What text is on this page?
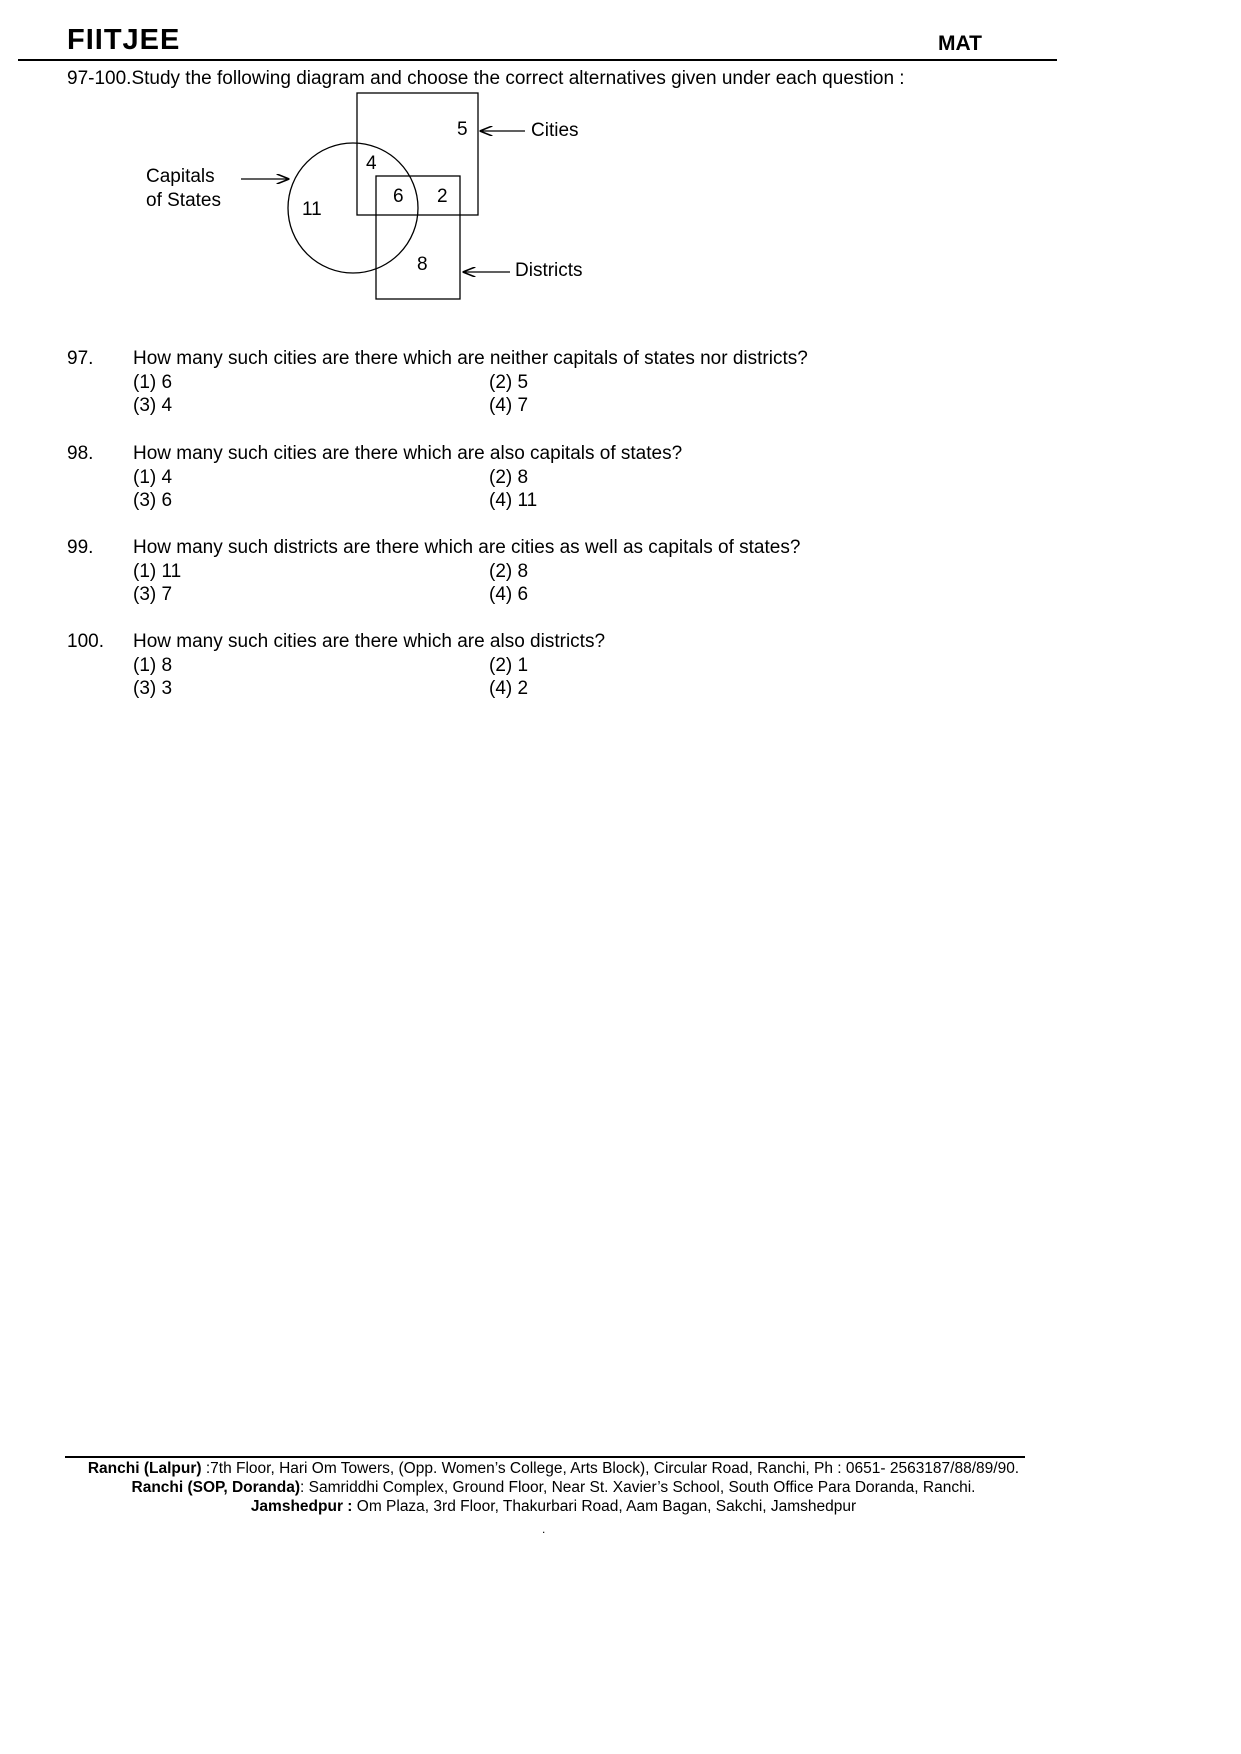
FIITJEE	MAT
97-100.Study the following diagram and choose the correct alternatives given under each question :
Cities
Capitals
of States
Districts
5
4
11
6 2
8
97. How many such cities are there which are neither capitals of states nor districts?
(1) 6	(2) 5
(3) 4	(4) 7
98. How many such cities are there which are also capitals of states?
(1) 4	(2) 8
(3) 6	(4) 11
99. How many such districts are there which are cities as well as capitals of states?
(1) 11	(2) 8
(3) 7	(4) 6
100. How many such cities are there which are also districts?
(1) 8	(2) 1
(3) 3	(4) 2
Ranchi (Lalpur) :7th Floor, Hari Om Towers, (Opp. Women’s College, Arts Block), Circular Road, Ranchi, Ph : 0651- 2563187/88/89/90.
Ranchi (SOP, Doranda): Samriddhi Complex, Ground Floor, Near St. Xavier’s School, South Office Para Doranda, Ranchi.
Jamshedpur : Om Plaza, 3rd Floor, Thakurbari Road, Aam Bagan, Sakchi, Jamshedpur
.
